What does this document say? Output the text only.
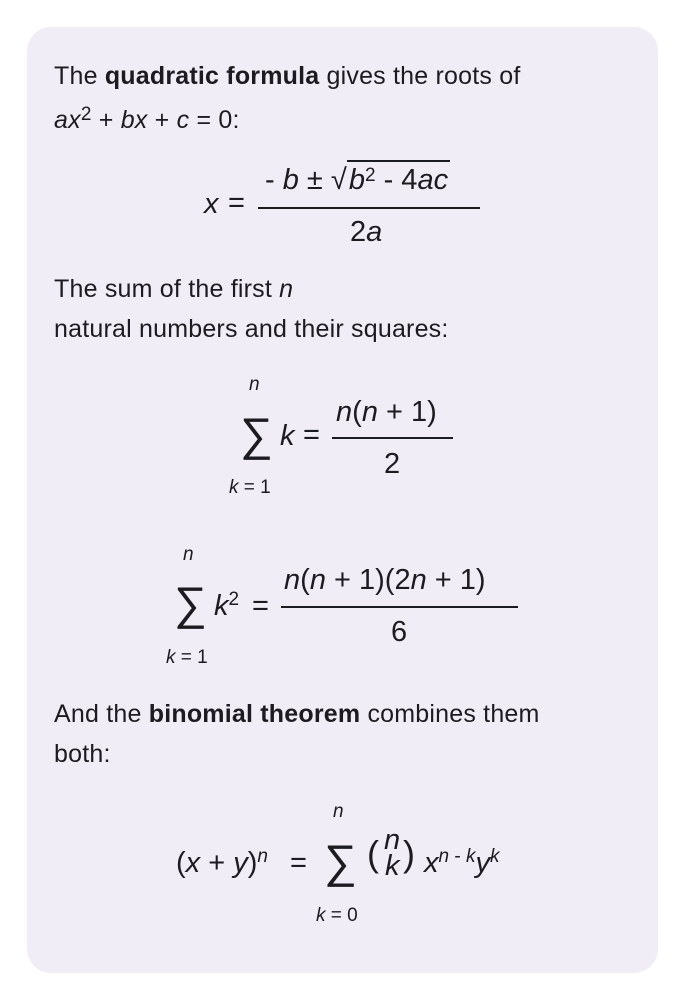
The quadratic formula gives the roots of
$ax^2$ + bx + c = 0:
x =
- $b \pm √b^2 - 4ac$
2a
The sum of the first n
natural numbers and their squares:
n
∑
k = 1
k =
n(n + 1)
2
n
∑
k = 1
$k^2$ =
n(n + 1)(2n + 1)
6
And the binomial theorem combines them
both:
$(x + y)^n$ =
n
∑
k = 0
( n
k ) $x^{n - k}y^k$
